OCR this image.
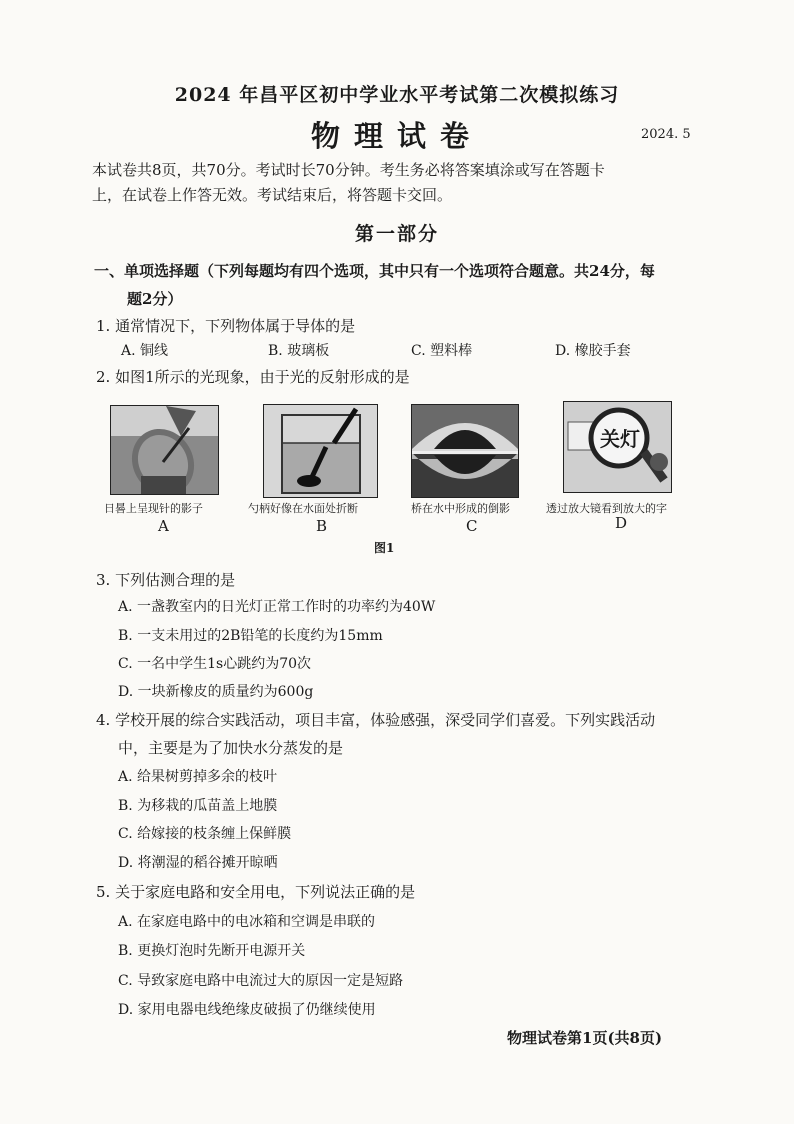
2024 年昌平区初中学业水平考试第二次模拟练习
物理试卷	2024. 5
本试卷共8页，共70分。考试时长70分钟。考生务必将答案填涂或写在答题卡
上，在试卷上作答无效。考试结束后，将答题卡交回。
第一部分
一、单项选择题（下列每题均有四个选项，其中只有一个选项符合题意。共24分，每
题2分）
1. 通常情况下，下列物体属于导体的是
A. 铜线	B. 玻璃板	C. 塑料棒	D. 橡胶手套
2. 如图1所示的光现象，由于光的反射形成的是
日晷上呈现针的影子
A
勺柄好像在水面处折断
B
桥在水中形成的倒影
C
关灯
透过放大镜看到放大的字
D
图1
3. 下列估测合理的是
A. 一盏教室内的日光灯正常工作时的功率约为40W
B. 一支未用过的2B铅笔的长度约为15mm
C. 一名中学生1s心跳约为70次
D. 一块新橡皮的质量约为600g
4. 学校开展的综合实践活动，项目丰富，体验感强，深受同学们喜爱。下列实践活动
中，主要是为了加快水分蒸发的是
A. 给果树剪掉多余的枝叶
B. 为移栽的瓜苗盖上地膜
C. 给嫁接的枝条缠上保鲜膜
D. 将潮湿的稻谷摊开晾晒
5. 关于家庭电路和安全用电，下列说法正确的是
A. 在家庭电路中的电冰箱和空调是串联的
B. 更换灯泡时先断开电源开关
C. 导致家庭电路中电流过大的原因一定是短路
D. 家用电器电线绝缘皮破损了仍继续使用
物理试卷第1页(共8页)
